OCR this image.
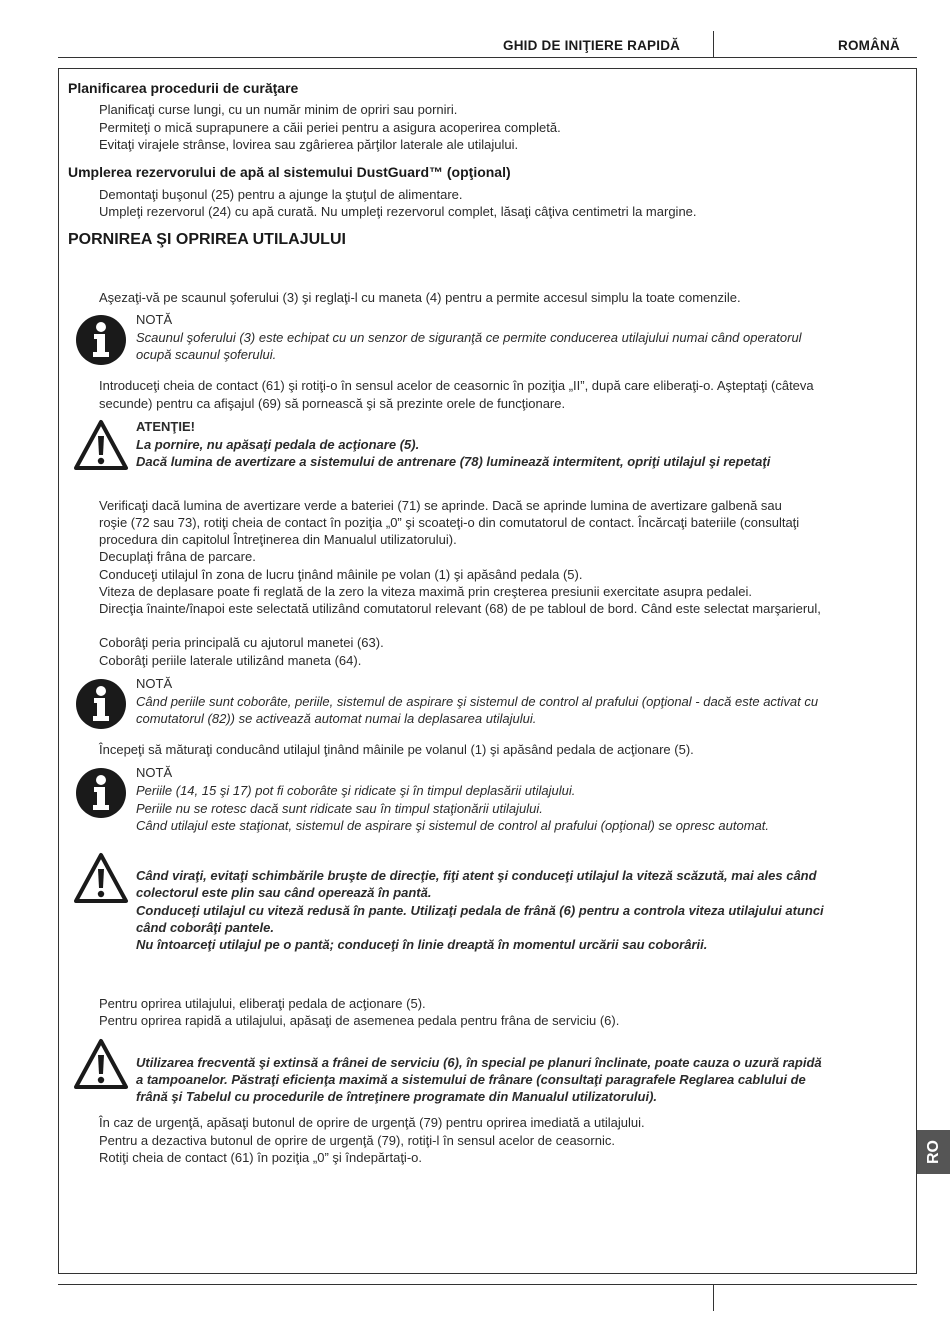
GHID DE INIŢIERE RAPIDĂ	ROMÂNĂ
Planificarea procedurii de curăţare
Planificaţi curse lungi, cu un număr minim de opriri sau porniri.
Permiteţi o mică suprapunere a căii periei pentru a asigura acoperirea completă.
Evitaţi virajele strânse, lovirea sau zgârierea părţilor laterale ale utilajului.
Umplerea rezervorului de apă al sistemului DustGuard™ (opţional)
Demontaţi buşonul (25) pentru a ajunge la ştuţul de alimentare.
Umpleţi rezervorul (24) cu apă curată. Nu umpleţi rezervorul complet, lăsaţi câţiva centimetri la margine.
PORNIREA ŞI OPRIREA UTILAJULUI
Aşezaţi-vă pe scaunul şoferului (3) şi reglaţi-l cu maneta (4) pentru a permite accesul simplu la toate comenzile.
NOTĂ
Scaunul şoferului (3) este echipat cu un senzor de siguranţă ce permite conducerea utilajului numai când operatorul
ocupă scaunul şoferului.
Introduceţi cheia de contact (61) şi rotiţi-o în sensul acelor de ceasornic în poziţia „II”, după care eliberaţi-o. Aşteptaţi (câteva
secunde) pentru ca afişajul (69) să pornească şi să prezinte orele de funcţionare.
ATENŢIE!
La pornire, nu apăsaţi pedala de acţionare (5).
Dacă lumina de avertizare a sistemului de antrenare (78) luminează intermitent, opriţi utilajul şi repetaţi
Verificaţi dacă lumina de avertizare verde a bateriei (71) se aprinde. Dacă se aprinde lumina de avertizare galbenă sau
roşie (72 sau 73), rotiţi cheia de contact în poziţia „0” şi scoateţi-o din comutatorul de contact. Încărcaţi bateriile (consultaţi
procedura din capitolul Întreţinerea din Manualul utilizatorului).
Decuplaţi frâna de parcare.
Conduceţi utilajul în zona de lucru ţinând mâinile pe volan (1) şi apăsând pedala (5).
Viteza de deplasare poate fi reglată de la zero la viteza maximă prin creşterea presiunii exercitate asupra pedalei.
Direcţia înainte/înapoi este selectată utilizând comutatorul relevant (68) de pe tabloul de bord. Când este selectat marşarierul,
Coborâţi peria principală cu ajutorul manetei (63).
Coborâţi periile laterale utilizând maneta (64).
NOTĂ
Când periile sunt coborâte, periile, sistemul de aspirare şi sistemul de control al prafului (opţional - dacă este activat cu
comutatorul (82)) se activează automat numai la deplasarea utilajului.
Începeţi să măturaţi conducând utilajul ţinând mâinile pe volanul (1) şi apăsând pedala de acţionare (5).
NOTĂ
Periile (14, 15 şi 17) pot fi coborâte şi ridicate şi în timpul deplasării utilajului.
Periile nu se rotesc dacă sunt ridicate sau în timpul staţionării utilajului.
Când utilajul este staţionat, sistemul de aspirare şi sistemul de control al prafului (opţional) se opresc automat.
Când viraţi, evitaţi schimbările bruşte de direcţie, fiţi atent şi conduceţi utilajul la viteză scăzută, mai ales când
colectorul este plin sau când operează în pantă.
Conduceţi utilajul cu viteză redusă în pante. Utilizaţi pedala de frână (6) pentru a controla viteza utilajului atunci
când coborâţi pantele.
Nu întoarceţi utilajul pe o pantă; conduceţi în linie dreaptă în momentul urcării sau coborârii.
Pentru oprirea utilajului, eliberaţi pedala de acţionare (5).
Pentru oprirea rapidă a utilajului, apăsaţi de asemenea pedala pentru frâna de serviciu (6).
Utilizarea frecventă şi extinsă a frânei de serviciu (6), în special pe planuri înclinate, poate cauza o uzură rapidă
a tampoanelor. Păstraţi eficienţa maximă a sistemului de frânare (consultaţi paragrafele Reglarea cablului de
frână şi Tabelul cu procedurile de întreţinere programate din Manualul utilizatorului).
În caz de urgenţă, apăsaţi butonul de oprire de urgenţă (79) pentru oprirea imediată a utilajului.
Pentru a dezactiva butonul de oprire de urgenţă (79), rotiţi-l în sensul acelor de ceasornic.
Rotiţi cheia de contact (61) în poziţia „0” şi îndepărtaţi-o.	RO
